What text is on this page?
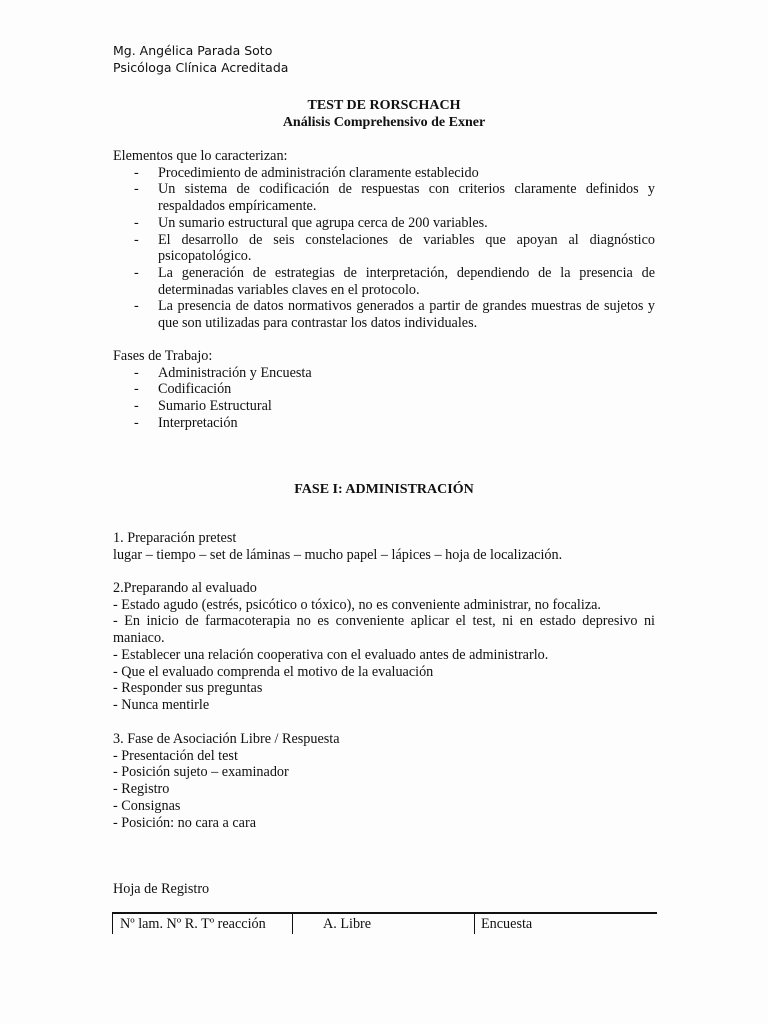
Mg. Angélica Parada Soto
Psicóloga Clínica Acreditada
TEST DE RORSCHACH
Análisis Comprehensivo de Exner
Elementos que lo caracterizan:
- Procedimiento de administración claramente establecido
- Un sistema de codificación de respuestas con criterios claramente definidos y respaldados empíricamente.
- Un sumario estructural que agrupa cerca de 200 variables.
- El desarrollo de seis constelaciones de variables que apoyan al diagnóstico psicopatológico.
- La generación de estrategias de interpretación, dependiendo de la presencia de determinadas variables claves en el protocolo.
- La presencia de datos normativos generados a partir de grandes muestras de sujetos y que son utilizadas para contrastar los datos individuales.
Fases de Trabajo:
- Administración y Encuesta
- Codificación
- Sumario Estructural
- Interpretación
FASE I: ADMINISTRACIÓN
1. Preparación pretest
lugar – tiempo – set de láminas – mucho papel – lápices – hoja de localización.
2.Preparando al evaluado
- Estado agudo (estrés, psicótico o tóxico), no es conveniente administrar, no focaliza.
- En inicio de farmacoterapia no es conveniente aplicar el test, ni en estado depresivo ni maniaco.
- Establecer una relación cooperativa con el evaluado antes de administrarlo.
- Que el evaluado comprenda el motivo de la evaluación
- Responder sus preguntas
- Nunca mentirle
3. Fase de Asociación Libre / Respuesta
- Presentación del test
- Posición sujeto – examinador
- Registro
- Consignas
- Posición: no cara a cara
Hoja de Registro
Nº lam. Nº R. Tº reacción	A. Libre	Encuesta
